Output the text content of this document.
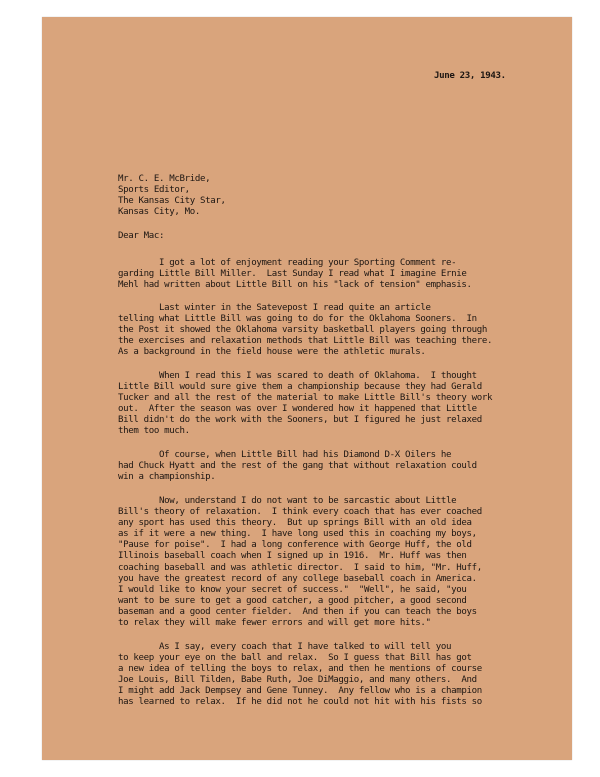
June 23, 1943.
Mr. C. E. McBride,
Sports Editor,
The Kansas City Star,
Kansas City, Mo.
Dear Mac:
I got a lot of enjoyment reading your Sporting Comment re-
garding Little Bill Miller.  Last Sunday I read what I imagine Ernie
Mehl had written about Little Bill on his "lack of tension" emphasis.
Last winter in the Satevepost I read quite an article
telling what Little Bill was going to do for the Oklahoma Sooners.  In
the Post it showed the Oklahoma varsity basketball players going through
the exercises and relaxation methods that Little Bill was teaching there.
As a background in the field house were the athletic murals.
When I read this I was scared to death of Oklahoma.  I thought
Little Bill would sure give them a championship because they had Gerald
Tucker and all the rest of the material to make Little Bill's theory work
out.  After the season was over I wondered how it happened that Little
Bill didn't do the work with the Sooners, but I figured he just relaxed
them too much.
Of course, when Little Bill had his Diamond D-X Oilers he
had Chuck Hyatt and the rest of the gang that without relaxation could
win a championship.
Now, understand I do not want to be sarcastic about Little
Bill's theory of relaxation.  I think every coach that has ever coached
any sport has used this theory.  But up springs Bill with an old idea
as if it were a new thing.  I have long used this in coaching my boys,
"Pause for poise".  I had a long conference with George Huff, the old
Illinois baseball coach when I signed up in 1916.  Mr. Huff was then
coaching baseball and was athletic director.  I said to him, "Mr. Huff,
you have the greatest record of any college baseball coach in America.
I would like to know your secret of success."  "Well", he said, "you
want to be sure to get a good catcher, a good pitcher, a good second
baseman and a good center fielder.  And then if you can teach the boys
to relax they will make fewer errors and will get more hits."
As I say, every coach that I have talked to will tell you
to keep your eye on the ball and relax.  So I guess that Bill has got
a new idea of telling the boys to relax, and then he mentions of course
Joe Louis, Bill Tilden, Babe Ruth, Joe DiMaggio, and many others.  And
I might add Jack Dempsey and Gene Tunney.  Any fellow who is a champion
has learned to relax.  If he did not he could not hit with his fists so
